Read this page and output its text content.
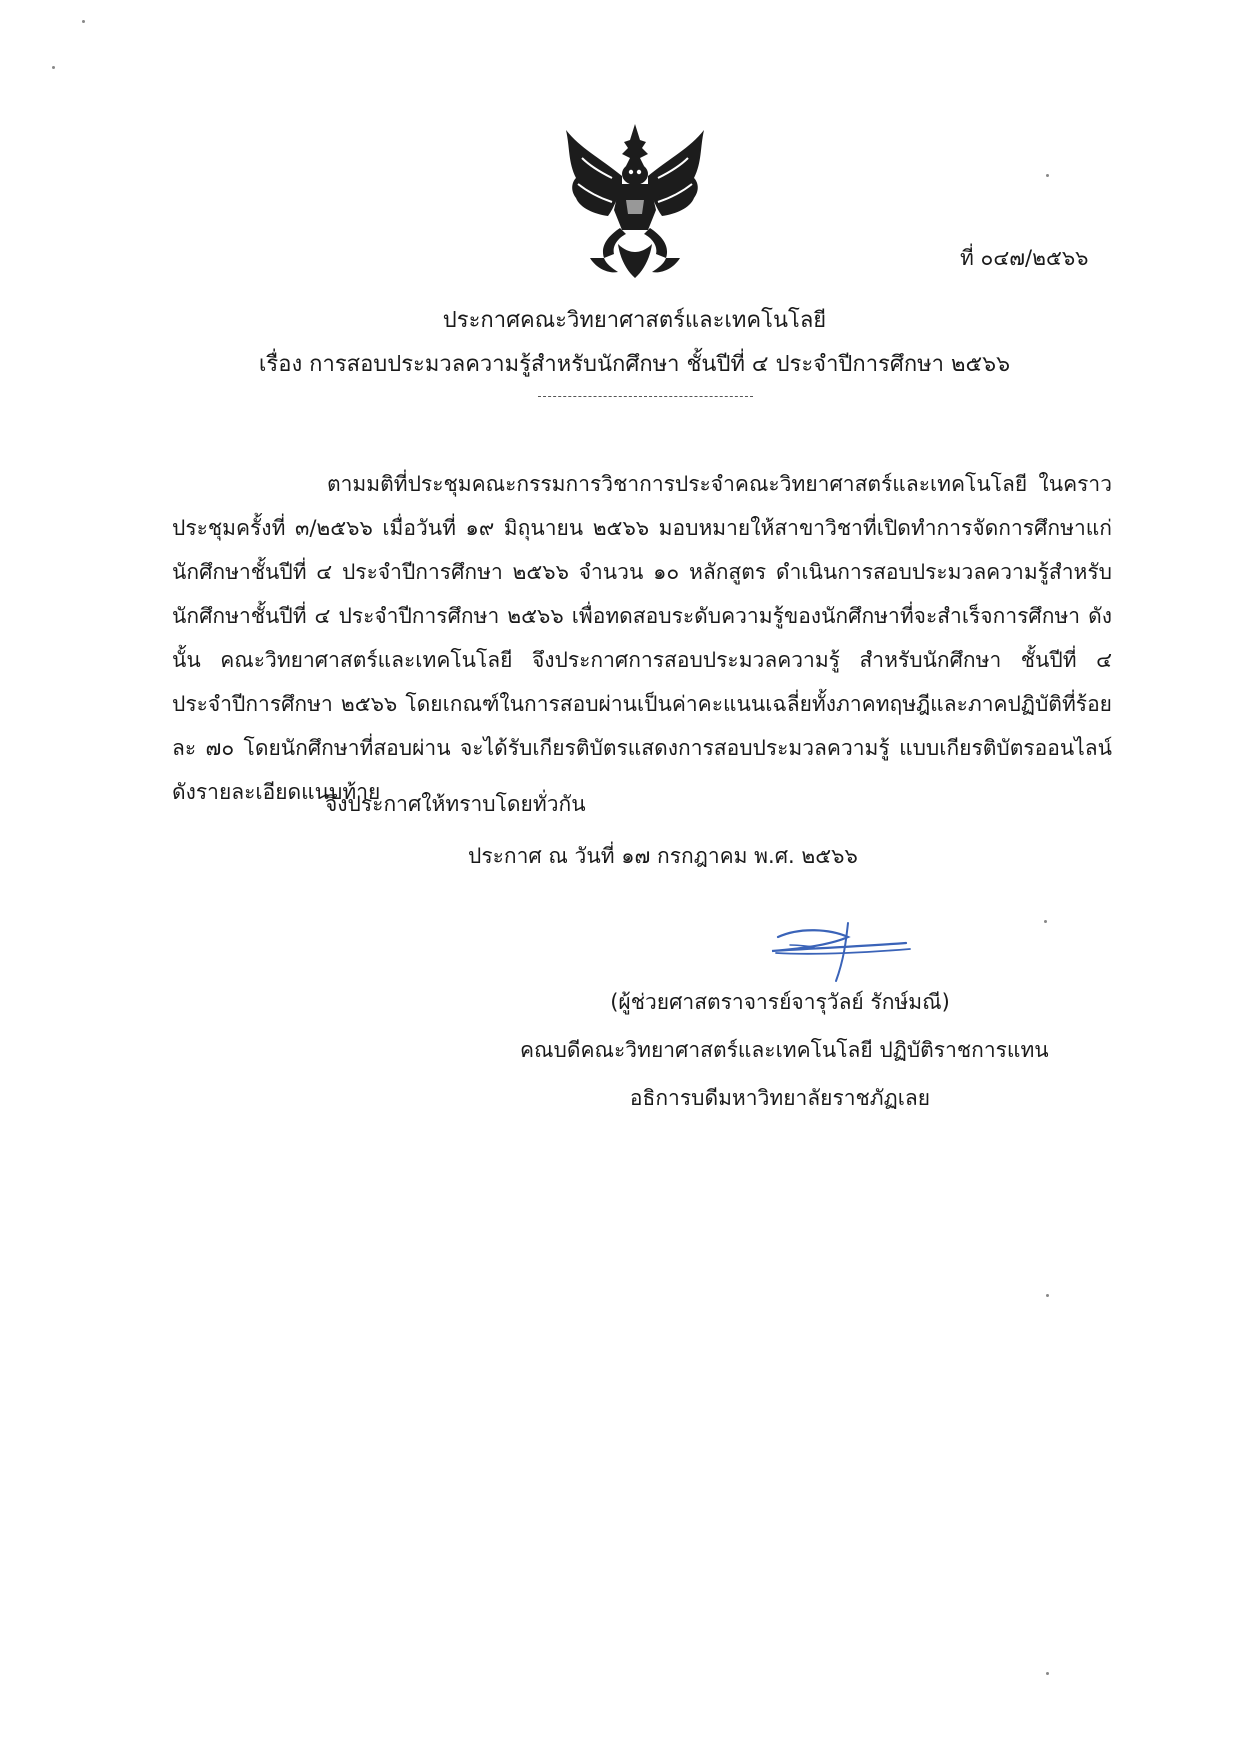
ที่ ๐๔๗/๒๕๖๖
ประกาศคณะวิทยาศาสตร์และเทคโนโลยี
เรื่อง การสอบประมวลความรู้สำหรับนักศึกษา ชั้นปีที่ ๔ ประจำปีการศึกษา ๒๕๖๖
ตามมติที่ประชุมคณะกรรมการวิชาการประจำคณะวิทยาศาสตร์และเทคโนโลยี ในคราวประชุมครั้งที่ ๓/๒๕๖๖ เมื่อวันที่ ๑๙ มิถุนายน ๒๕๖๖ มอบหมายให้สาขาวิชาที่เปิดทำการจัดการศึกษาแก่นักศึกษาชั้นปีที่ ๔ ประจำปีการศึกษา ๒๕๖๖ จำนวน ๑๐ หลักสูตร ดำเนินการสอบประมวลความรู้สำหรับนักศึกษาชั้นปีที่ ๔ ประจำปีการศึกษา ๒๕๖๖ เพื่อทดสอบระดับความรู้ของนักศึกษาที่จะสำเร็จการศึกษา ดังนั้น คณะวิทยาศาสตร์และเทคโนโลยี จึงประกาศการสอบประมวลความรู้ สำหรับนักศึกษา ชั้นปีที่ ๔ ประจำปีการศึกษา ๒๕๖๖ โดยเกณฑ์ในการสอบผ่านเป็นค่าคะแนนเฉลี่ยทั้งภาคทฤษฎีและภาคปฏิบัติที่ร้อยละ ๗๐ โดยนักศึกษาที่สอบผ่าน จะได้รับเกียรติบัตรแสดงการสอบประมวลความรู้ แบบเกียรติบัตรออนไลน์ ดังรายละเอียดแนบท้าย
จึงประกาศให้ทราบโดยทั่วกัน
ประกาศ ณ วันที่ ๑๗ กรกฎาคม พ.ศ. ๒๕๖๖
(ผู้ช่วยศาสตราจารย์จารุวัลย์ รักษ์มณี)
คณบดีคณะวิทยาศาสตร์และเทคโนโลยี ปฏิบัติราชการแทน
อธิการบดีมหาวิทยาลัยราชภัฏเลย
